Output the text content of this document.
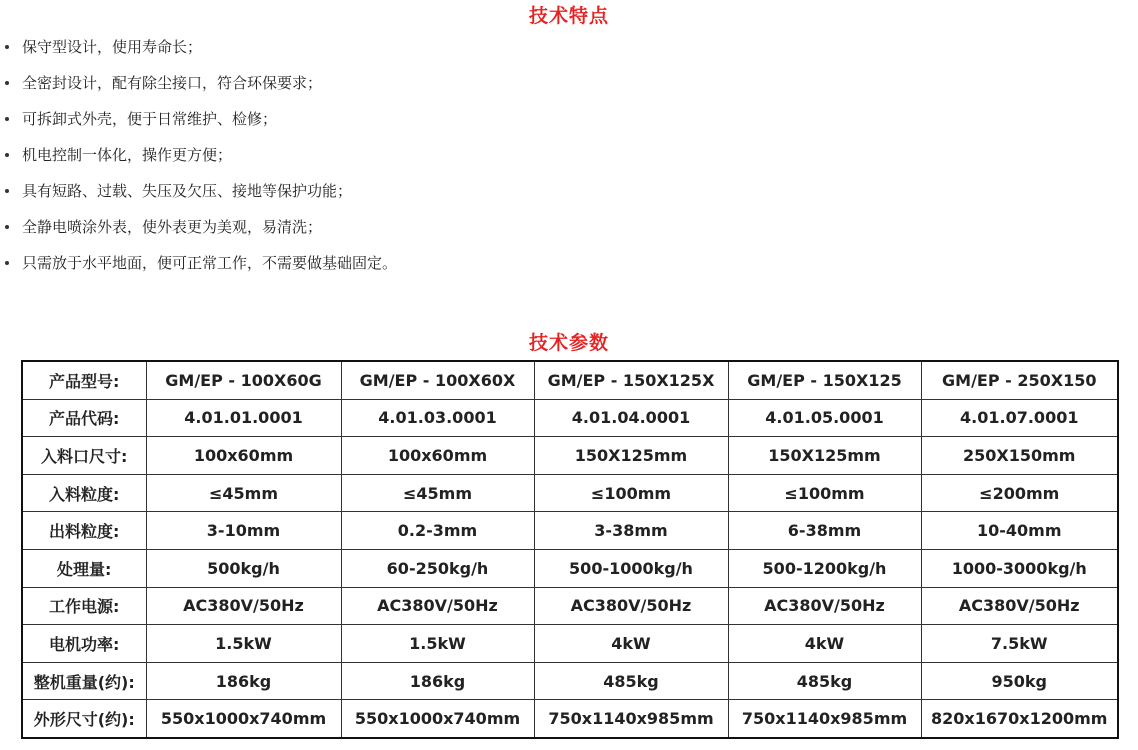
技术特点
保守型设计，使用寿命长；
全密封设计，配有除尘接口，符合环保要求；
可拆卸式外壳，便于日常维护、检修；
机电控制一体化，操作更方便；
具有短路、过载、失压及欠压、接地等保护功能；
全静电喷涂外表，使外表更为美观，易清洗；
只需放于水平地面，便可正常工作，不需要做基础固定。
技术参数
产品型号:	GM/EP - 100X60G	GM/EP - 100X60X	GM/EP - 150X125X	GM/EP - 150X125	GM/EP - 250X150
产品代码:	4.01.01.0001	4.01.03.0001	4.01.04.0001	4.01.05.0001	4.01.07.0001
入料口尺寸:	100x60mm	100x60mm	150X125mm	150X125mm	250X150mm
入料粒度:	≤45mm	≤45mm	≤100mm	≤100mm	≤200mm
出料粒度:	3-10mm	0.2-3mm	3-38mm	6-38mm	10-40mm
处理量:	500kg/h	60-250kg/h	500-1000kg/h	500-1200kg/h	1000-3000kg/h
工作电源:	AC380V/50Hz	AC380V/50Hz	AC380V/50Hz	AC380V/50Hz	AC380V/50Hz
电机功率:	1.5kW	1.5kW	4kW	4kW	7.5kW
整机重量(约):	186kg	186kg	485kg	485kg	950kg
外形尺寸(约):	550x1000x740mm	550x1000x740mm	750x1140x985mm	750x1140x985mm	820x1670x1200mm
